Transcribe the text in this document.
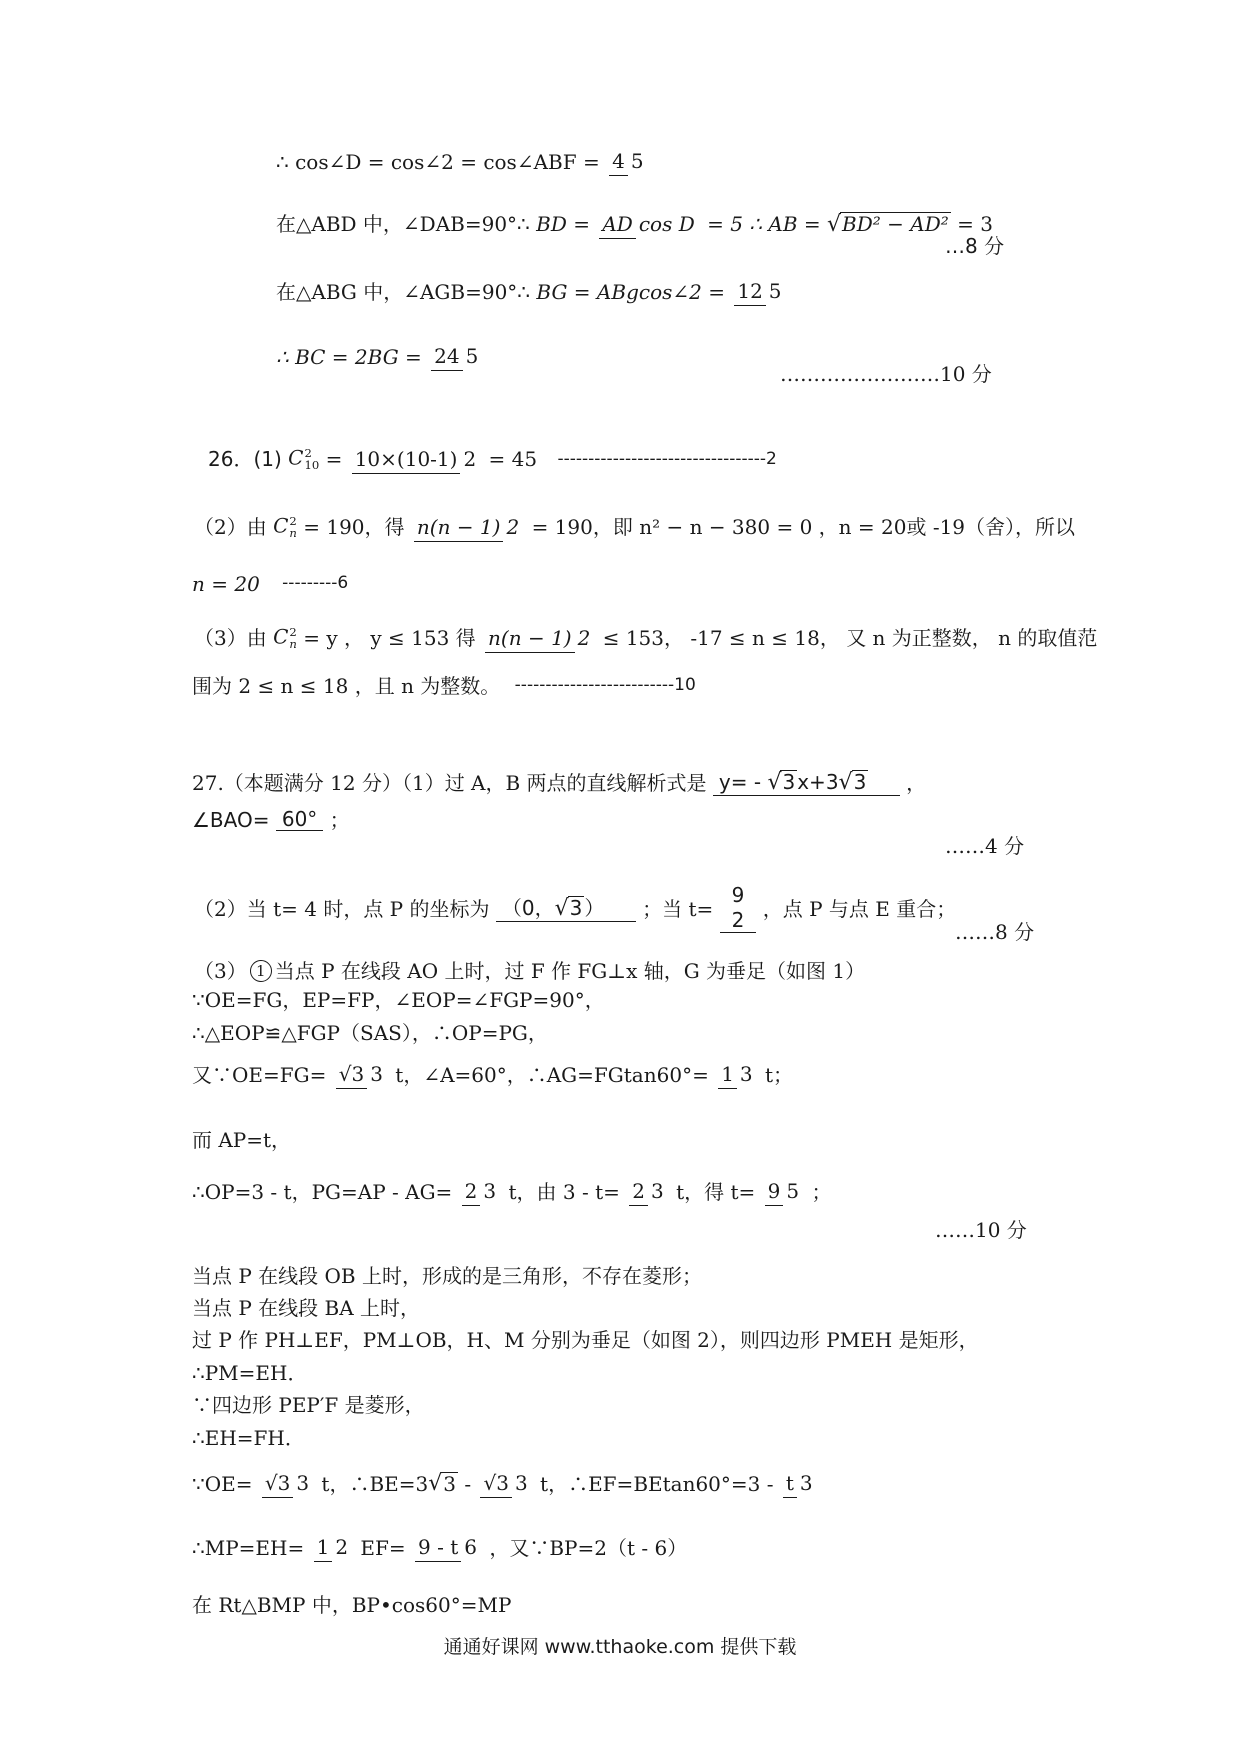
∴ cos∠D = cos∠2 = cos∠ABF = 4 5
在△ABD 中，∠DAB=90°∴ BD = AD cos D = 5 ∴ AB = √BD² − AD² = 3
…8 分
在△ABG 中，∠AGB=90°∴ BG = ABgcos∠2 = 12 5
∴ BC = 2BG = 24 5
……………………10 分
26．(1) C 2
10 = 10×(10-1) 2 = 45 ----------------------------------2
（2）由 C 2
n = 190，得 n(n − 1) 2 = 190，即 n² − n − 380 = 0 ，n = 20或 -19（舍），所以
n = 20 ---------6
（3）由 C 2
n = y ， y ≤ 153 得 n(n − 1) 2 ≤ 153， -17 ≤ n ≤ 18， 又 n 为正整数， n 的取值范
围为 2 ≤ n ≤ 18 ，且 n 为整数。 --------------------------10
27.（本题满分 12 分）（1）过 A，B 两点的直线解析式是 y= - √3 x+3√3 ，
∠BAO= 60° ；
……4 分
（2）当 t= 4 时，点 P 的坐标为 （0，√3 ） ；当 t=
9
2 ，点 P 与点 E 重合；
……8 分
（3） 1 当点 P 在线段 AO 上时，过 F 作 FG⊥x 轴，G 为垂足（如图 1）
∵OE=FG，EP=FP，∠EOP=∠FGP=90°，
∴△EOP≌△FGP（SAS），∴OP=PG，
又∵OE=FG= √3 3 t，∠A=60°，∴AG=FGtan60°= 1 3 t；
而 AP=t，
∴OP=3 - t，PG=AP - AG= 2 3 t，由 3 - t= 2 3 t，得 t= 9 5 ；
……10 分
当点 P 在线段 OB 上时，形成的是三角形，不存在菱形；
当点 P 在线段 BA 上时，
过 P 作 PH⊥EF，PM⊥OB，H、M 分别为垂足（如图 2），则四边形 PMEH 是矩形，
∴PM=EH．
∵四边形 PEP′F 是菱形，
∴EH=FH．
∵OE= √3 3 t，∴BE=3√3 - √3 3 t，∴EF=BEtan60°=3 - t 3
∴MP=EH= 1 2 EF= 9 - t 6 ，又∵BP=2（t - 6）
在 Rt△BMP 中，BP•cos60°=MP
通通好课网 www.tthaoke.com 提供下载
